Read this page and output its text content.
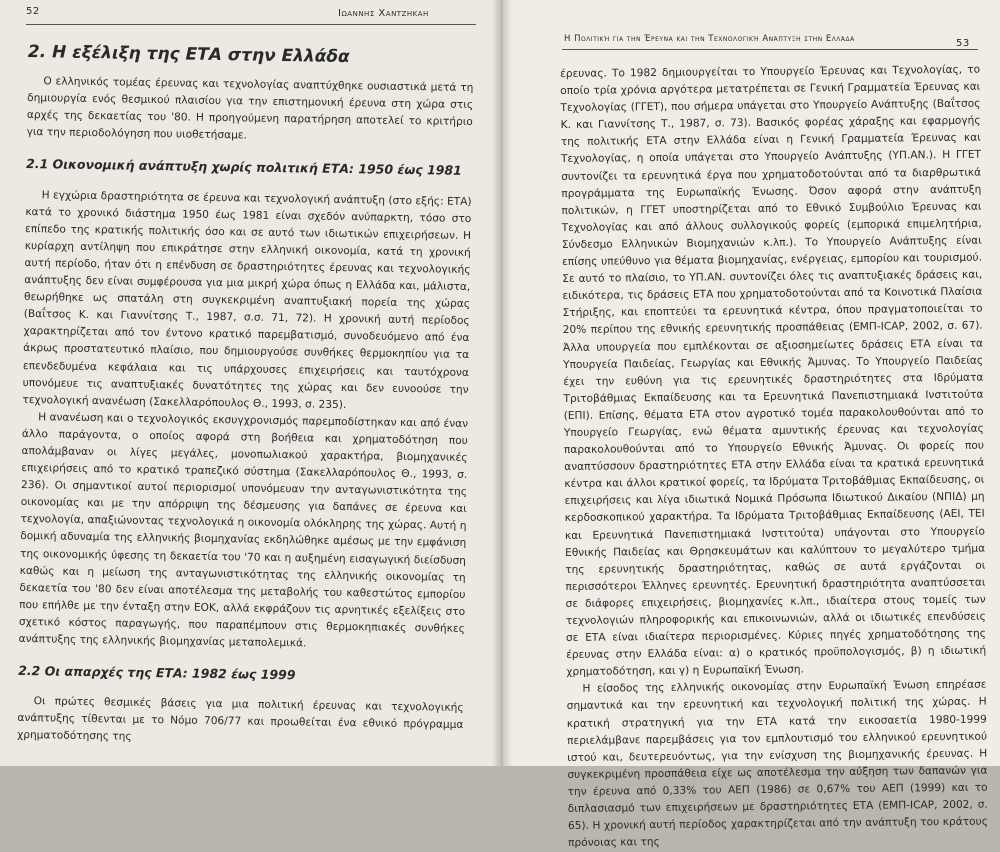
52	Ιωαννης Χαντζηκαη
2. Η εξέλιξη της ΕΤΑ στην Ελλάδα

Ο ελληνικός τομέας έρευνας και τεχνολογίας αναπτύχθηκε ουσιαστικά μετά τη δημιουργία ενός θεσμικού πλαισίου για την επιστημονική έρευνα στη χώρα στις αρχές της δεκαετίας του '80. Η προηγούμενη παρατήρηση αποτελεί το κριτήριο για την περιοδολόγηση που υιοθετήσαμε.

2.1 Οικονομική ανάπτυξη χωρίς πολιτική ΕΤΑ: 1950 έως 1981

Η εγχώρια δραστηριότητα σε έρευνα και τεχνολογική ανάπτυξη (στο εξής: ΕΤΑ) κατά το χρονικό διάστημα 1950 έως 1981 είναι σχεδόν ανύπαρκτη, τόσο στο επίπεδο της κρατικής πολιτικής όσο και σε αυτό των ιδιωτικών επιχειρήσεων. Η κυρίαρχη αντίληψη που επικράτησε στην ελληνική οικονομία, κατά τη χρονική αυτή περίοδο, ήταν ότι η επένδυση σε δραστηριότητες έρευνας και τεχνολογικής ανάπτυξης δεν είναι συμφέρουσα για μια μικρή χώρα όπως η Ελλάδα και, μάλιστα, θεωρήθηκε ως σπατάλη στη συγκεκριμένη αναπτυξιακή πορεία της χώρας (Βαΐτσος Κ. και Γιαννίτσης Τ., 1987, σ.σ. 71, 72). Η χρονική αυτή περίοδος χαρακτηρίζεται από τον έντονο κρατικό παρεμβατισμό, συνοδευόμενο από ένα άκρως προστατευτικό πλαίσιο, που δημιουργούσε συνθήκες θερμοκηπίου για τα επενδεδυμένα κεφάλαια και τις υπάρχουσες επιχειρήσεις και ταυτόχρονα υπονόμευε τις αναπτυξιακές δυνατότητες της χώρας και δεν ευνοούσε την τεχνολογική ανανέωση (Σακελλαρόπουλος Θ., 1993, σ. 235).

Η ανανέωση και ο τεχνολογικός εκσυγχρονισμός παρεμποδίστηκαν και από έναν άλλο παράγοντα, ο οποίος αφορά στη βοήθεια και χρηματοδότηση που απολάμβαναν οι λίγες μεγάλες, μονοπωλιακού χαρακτήρα, βιομηχανικές επιχειρήσεις από το κρατικό τραπεζικό σύστημα (Σακελλαρόπουλος Θ., 1993, σ. 236). Οι σημαντικοί αυτοί περιορισμοί υπονόμευαν την ανταγωνιστικότητα της οικονομίας και με την απόρριψη της δέσμευσης για δαπάνες σε έρευνα και τεχνολογία, απαξιώνοντας τεχνολογικά η οικονομία ολόκληρης της χώρας. Αυτή η δομική αδυναμία της ελληνικής βιομηχανίας εκδηλώθηκε αμέσως με την εμφάνιση της οικονομικής ύφεσης τη δεκαετία του '70 και η αυξημένη εισαγωγική διείσδυση καθώς και η μείωση της ανταγωνιστικότητας της ελληνικής οικονομίας τη δεκαετία του '80 δεν είναι αποτέλεσμα της μεταβολής του καθεστώτος εμπορίου που επήλθε με την ένταξη στην ΕΟΚ, αλλά εκφράζουν τις αρνητικές εξελίξεις στο σχετικό κόστος παραγωγής, που παραπέμπουν στις θερμοκηπιακές συνθήκες ανάπτυξης της ελληνικής βιομηχανίας μεταπολεμικά.

2.2 Οι απαρχές της ΕΤΑ: 1982 έως 1999

Οι πρώτες θεσμικές βάσεις για μια πολιτική έρευνας και τεχνολογικής ανάπτυξης τίθενται με το Νόμο 706/77 και προωθείται ένα εθνικό πρόγραμμα χρηματοδότησης της

Η Πολιτική για την Έρευνα και την Τεχνολογική Ανάπτυξη στην Ελλάδα	53

έρευνας. Το 1982 δημιουργείται το Υπουργείο Έρευνας και Τεχνολογίας, το οποίο τρία χρόνια αργότερα μετατρέπεται σε Γενική Γραμματεία Έρευνας και Τεχνολογίας (ΓΓΕΤ), που σήμερα υπάγεται στο Υπουργείο Ανάπτυξης (Βαΐτσος Κ. και Γιαννίτσης Τ., 1987, σ. 73). Βασικός φορέας χάραξης και εφαρμογής της πολιτικής ΕΤΑ στην Ελλάδα είναι η Γενική Γραμματεία Έρευνας και Τεχνολογίας, η οποία υπάγεται στο Υπουργείο Ανάπτυξης (ΥΠ.ΑΝ.). Η ΓΓΕΤ συντονίζει τα ερευνητικά έργα που χρηματοδοτούνται από τα διαρθρωτικά προγράμματα της Ευρωπαϊκής Ένωσης. Όσον αφορά στην ανάπτυξη πολιτικών, η ΓΓΕΤ υποστηρίζεται από το Εθνικό Συμβούλιο Έρευνας και Τεχνολογίας και από άλλους συλλογικούς φορείς (εμπορικά επιμελητήρια, Σύνδεσμο Ελληνικών Βιομηχανιών κ.λπ.). Το Υπουργείο Ανάπτυξης είναι επίσης υπεύθυνο για θέματα βιομηχανίας, ενέργειας, εμπορίου και τουρισμού. Σε αυτό το πλαίσιο, το ΥΠ.ΑΝ. συντονίζει όλες τις αναπτυξιακές δράσεις και, ειδικότερα, τις δράσεις ΕΤΑ που χρηματοδοτούνται από τα Κοινοτικά Πλαίσια Στήριξης, και εποπτεύει τα ερευνητικά κέντρα, όπου πραγματοποιείται το 20% περίπου της εθνικής ερευνητικής προσπάθειας (ΕΜΠ-ICAP, 2002, σ. 67). Άλλα υπουργεία που εμπλέκονται σε αξιοσημείωτες δράσεις ΕΤΑ είναι τα Υπουργεία Παιδείας, Γεωργίας και Εθνικής Άμυνας. Το Υπουργείο Παιδείας έχει την ευθύνη για τις ερευνητικές δραστηριότητες στα Ιδρύματα Τριτοβάθμιας Εκπαίδευσης και τα Ερευνητικά Πανεπιστημιακά Ινστιτούτα (ΕΠΙ). Επίσης, θέματα ΕΤΑ στον αγροτικό τομέα παρακολουθούνται από το Υπουργείο Γεωργίας, ενώ θέματα αμυντικής έρευνας και τεχνολογίας παρακολουθούνται από το Υπουργείο Εθνικής Άμυνας. Οι φορείς που αναπτύσσουν δραστηριότητες ΕΤΑ στην Ελλάδα είναι τα κρατικά ερευνητικά κέντρα και άλλοι κρατικοί φορείς, τα Ιδρύματα Τριτοβάθμιας Εκπαίδευσης, οι επιχειρήσεις και λίγα ιδιωτικά Νομικά Πρόσωπα Ιδιωτικού Δικαίου (ΝΠΙΔ) μη κερδοσκοπικού χαρακτήρα. Τα Ιδρύματα Τριτοβάθμιας Εκπαίδευσης (ΑΕΙ, ΤΕΙ και Ερευνητικά Πανεπιστημιακά Ινστιτούτα) υπάγονται στο Υπουργείο Εθνικής Παιδείας και Θρησκευμάτων και καλύπτουν το μεγαλύτερο τμήμα της ερευνητικής δραστηριότητας, καθώς σε αυτά εργάζονται οι περισσότεροι Έλληνες ερευνητές. Ερευνητική δραστηριότητα αναπτύσσεται σε διάφορες επιχειρήσεις, βιομηχανίες κ.λπ., ιδιαίτερα στους τομείς των τεχνολογιών πληροφορικής και επικοινωνιών, αλλά οι ιδιωτικές επενδύσεις σε ΕΤΑ είναι ιδιαίτερα περιορισμένες. Κύριες πηγές χρηματοδότησης της έρευνας στην Ελλάδα είναι: α) ο κρατικός προϋπολογισμός, β) η ιδιωτική χρηματοδότηση, και γ) η Ευρωπαϊκή Ένωση.

Η είσοδος της ελληνικής οικονομίας στην Ευρωπαϊκή Ένωση επηρέασε σημαντικά και την ερευνητική και τεχνολογική πολιτική της χώρας. Η κρατική στρατηγική για την ΕΤΑ κατά την εικοσαετία 1980-1999 περιελάμβανε παρεμβάσεις για τον εμπλουτισμό του ελληνικού ερευνητικού ιστού και, δευτερευόντως, για την ενίσχυση της βιομηχανικής έρευνας. Η συγκεκριμένη προσπάθεια είχε ως αποτέλεσμα την αύξηση των δαπανών για την έρευνα από 0,33% του ΑΕΠ (1986) σε 0,67% του ΑΕΠ (1999) και το διπλασιασμό των επιχειρήσεων με δραστηριότητες ΕΤΑ (ΕΜΠ-ICAP, 2002, σ. 65). Η χρονική αυτή περίοδος χαρακτηρίζεται από την ανάπτυξη του κράτους πρόνοιας και της
